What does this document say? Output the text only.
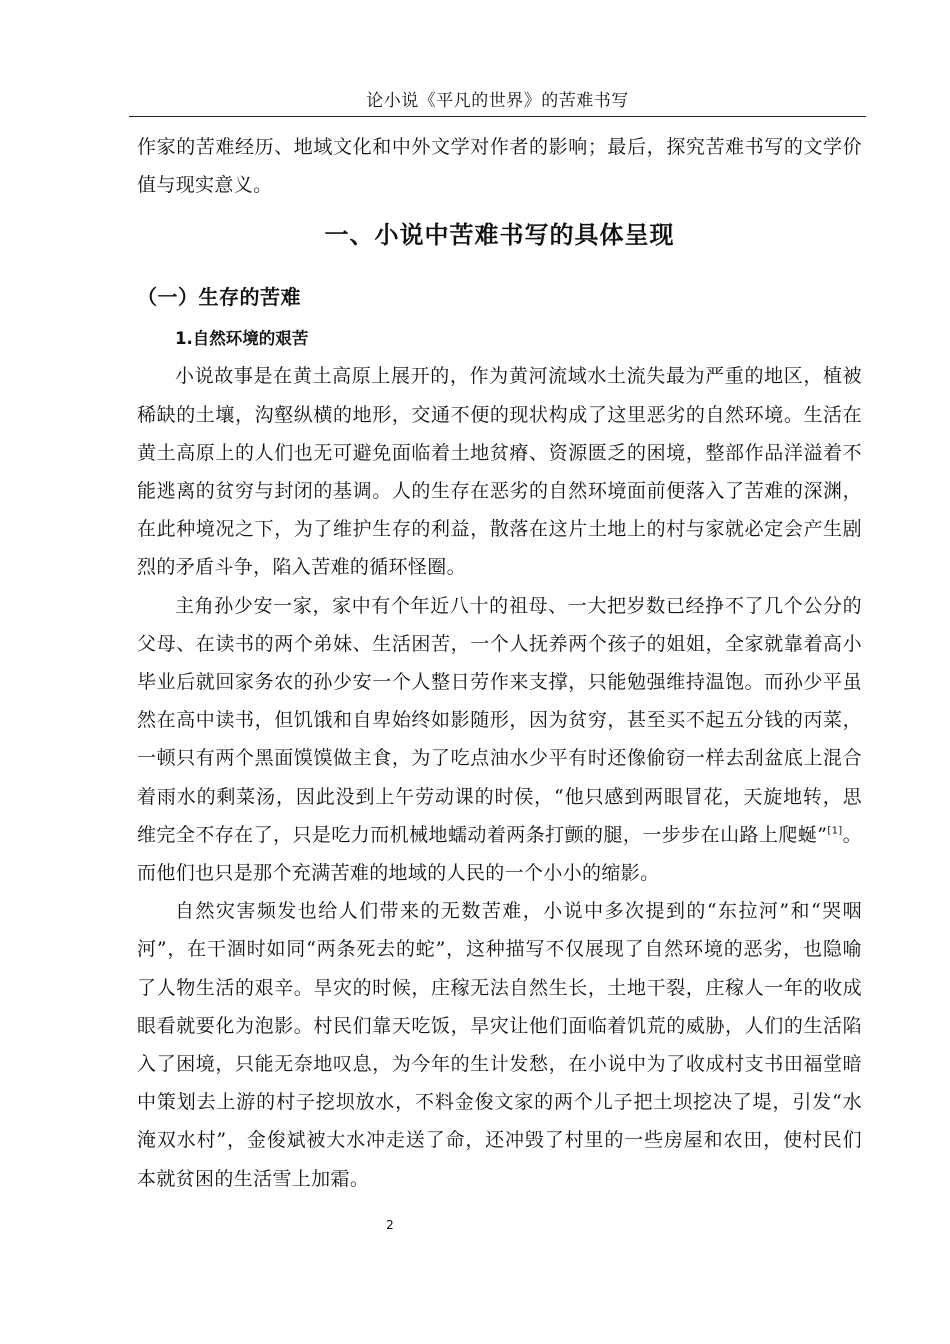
论小说《平凡的世界》的苦难书写

作家的苦难经历、地域文化和中外文学对作者的影响；最后，探究苦难书写的文学价值与现实意义。

一、小说中苦难书写的具体呈现
（一）生存的苦难
1.自然环境的艰苦

小说故事是在黄土高原上展开的，作为黄河流域水土流失最为严重的地区，植被稀缺的土壤，沟壑纵横的地形，交通不便的现状构成了这里恶劣的自然环境。生活在黄土高原上的人们也无可避免面临着土地贫瘠、资源匮乏的困境，整部作品洋溢着不能逃离的贫穷与封闭的基调。人的生存在恶劣的自然环境面前便落入了苦难的深渊，在此种境况之下，为了维护生存的利益，散落在这片土地上的村与家就必定会产生剧烈的矛盾斗争，陷入苦难的循环怪圈。

主角孙少安一家，家中有个年近八十的祖母、一大把岁数已经挣不了几个公分的父母、在读书的两个弟妹、生活困苦，一个人抚养两个孩子的姐姐，全家就靠着高小毕业后就回家务农的孙少安一个人整日劳作来支撑，只能勉强维持温饱。而孙少平虽然在高中读书，但饥饿和自卑始终如影随形，因为贫穷，甚至买不起五分钱的丙菜，一顿只有两个黑面馍馍做主食，为了吃点油水少平有时还像偷窃一样去刮盆底上混合着雨水的剩菜汤，因此没到上午劳动课的时侯，“他只感到两眼冒花，天旋地转，思维完全不存在了，只是吃力而机械地蠕动着两条打颤的腿，一步步在山路上爬蜒”[1]。而他们也只是那个充满苦难的地域的人民的一个小小的缩影。

自然灾害频发也给人们带来的无数苦难，小说中多次提到的“东拉河”和“哭咽河”，在干涸时如同“两条死去的蛇”，这种描写不仅展现了自然环境的恶劣，也隐喻了人物生活的艰辛。旱灾的时候，庄稼无法自然生长，土地干裂，庄稼人一年的收成眼看就要化为泡影。村民们靠天吃饭，旱灾让他们面临着饥荒的威胁，人们的生活陷入了困境，只能无奈地叹息，为今年的生计发愁，在小说中为了收成村支书田福堂暗中策划去上游的村子挖坝放水，不料金俊文家的两个儿子把土坝挖决了堤，引发“水淹双水村”，金俊斌被大水冲走送了命，还冲毁了村里的一些房屋和农田，使村民们本就贫困的生活雪上加霜。

2
